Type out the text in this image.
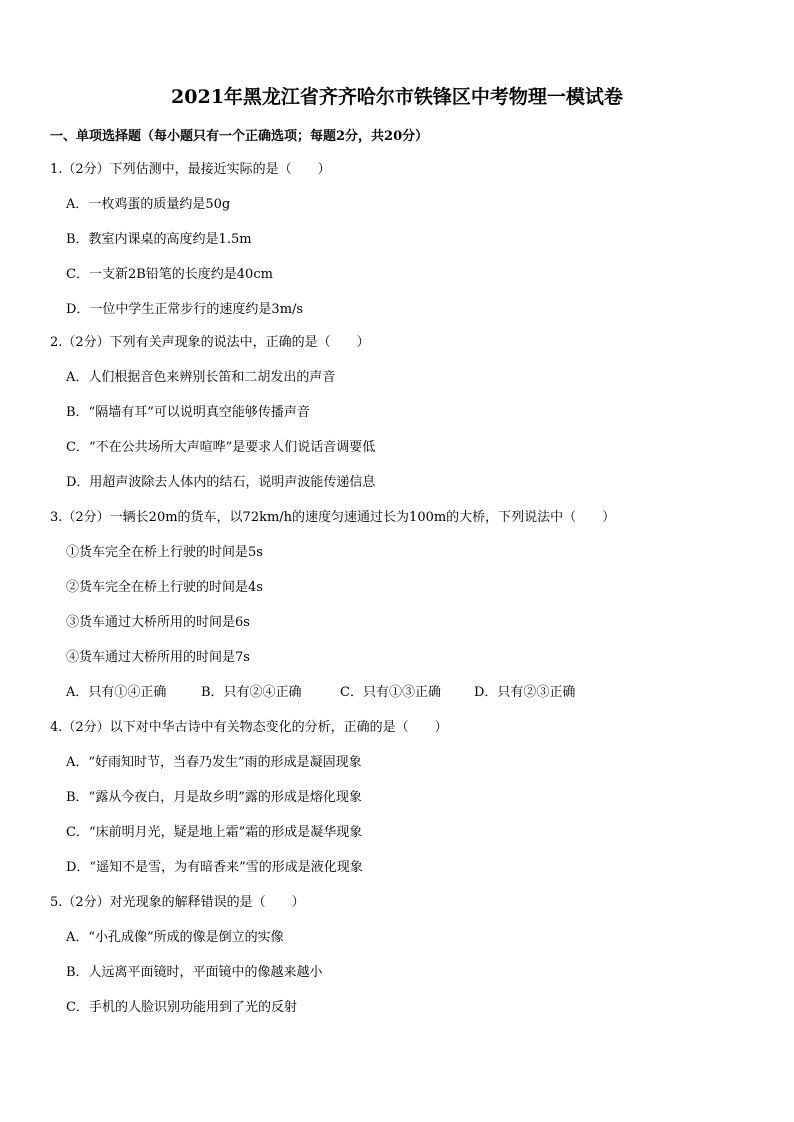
2021年黑龙江省齐齐哈尔市铁锋区中考物理一模试卷
一、单项选择题（每小题只有一个正确选项；每题2分，共20分）
1.（2分）下列估测中，最接近实际的是（　　）
A．一枚鸡蛋的质量约是50g
B．教室内课桌的高度约是1.5m
C．一支新2B铅笔的长度约是40cm
D．一位中学生正常步行的速度约是3m/s
2.（2分）下列有关声现象的说法中，正确的是（　　）
A．人们根据音色来辨别长笛和二胡发出的声音
B．“隔墙有耳”可以说明真空能够传播声音
C．“不在公共场所大声喧哗”是要求人们说话音调要低
D．用超声波除去人体内的结石，说明声波能传递信息
3.（2分）一辆长20m的货车，以72km/h的速度匀速通过长为100m的大桥，下列说法中（　　）
①货车完全在桥上行驶的时间是5s
②货车完全在桥上行驶的时间是4s
③货车通过大桥所用的时间是6s
④货车通过大桥所用的时间是7s
A．只有①④正确	B．只有②④正确	C．只有①③正确	D．只有②③正确
4.（2分）以下对中华古诗中有关物态变化的分析，正确的是（　　）
A．“好雨知时节，当春乃发生”雨的形成是凝固现象
B．“露从今夜白，月是故乡明”露的形成是熔化现象
C．“床前明月光，疑是地上霜”霜的形成是凝华现象
D．“遥知不是雪，为有暗香来”雪的形成是液化现象
5.（2分）对光现象的解释错误的是（　　）
A．“小孔成像”所成的像是倒立的实像
B．人远离平面镜时，平面镜中的像越来越小
C．手机的人脸识别功能用到了光的反射
